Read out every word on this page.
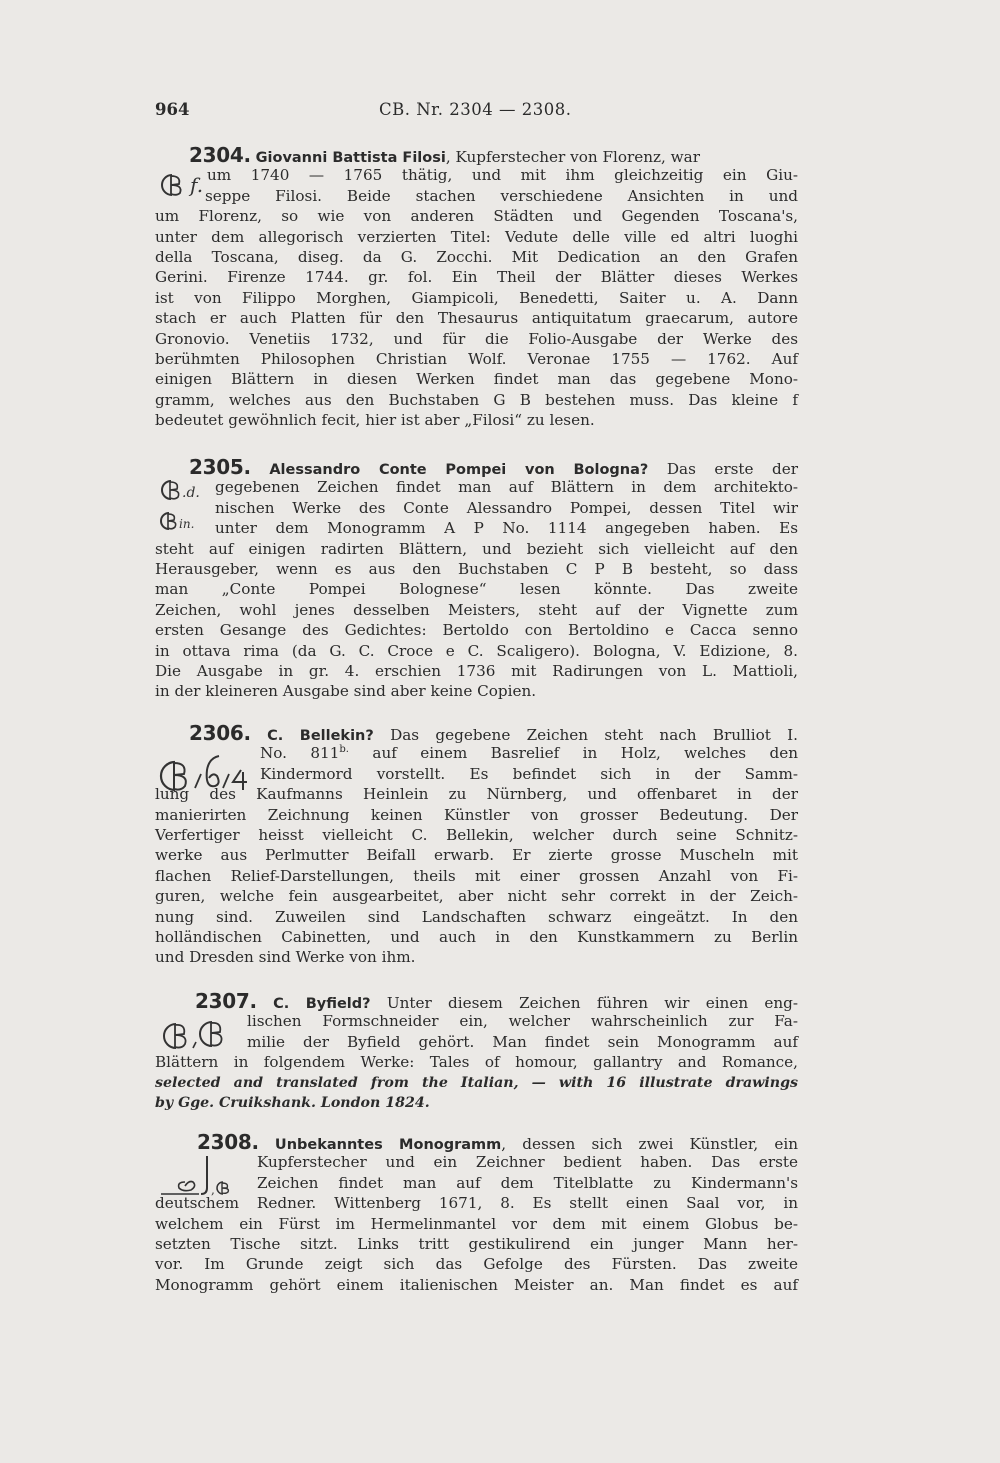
964	CB. Nr. 2304 — 2308.
f.
2304. Giovanni Battista Filosi, Kupferstecher von Florenz, war
um 1740 — 1765 thätig, und mit ihm gleichzeitig ein Giu-
seppe Filosi. Beide stachen verschiedene Ansichten in und
um Florenz, so wie von anderen Städten und Gegenden Toscana's,
unter dem allegorisch verzierten Titel: Vedute delle ville ed altri luoghi
della Toscana, diseg. da G. Zocchi. Mit Dedication an den Grafen
Gerini. Firenze 1744. gr. fol. Ein Theil der Blätter dieses Werkes
ist von Filippo Morghen, Giampicoli, Benedetti, Saiter u. A. Dann
stach er auch Platten für den Thesaurus antiquitatum graecarum, autore
Gronovio. Venetiis 1732, und für die Folio-Ausgabe der Werke des
berühmten Philosophen Christian Wolf. Veronae 1755 — 1762. Auf
einigen Blättern in diesen Werken findet man das gegebene Mono-
gramm, welches aus den Buchstaben G B bestehen muss. Das kleine f
bedeutet gewöhnlich fecit, hier ist aber „Filosi“ zu lesen.
.d.
in.
2305. Alessandro Conte Pompei von Bologna? Das erste der
gegebenen Zeichen findet man auf Blättern in dem architekto-
nischen Werke des Conte Alessandro Pompei, dessen Titel wir
unter dem Monogramm A P No. 1114 angegeben haben. Es
steht auf einigen radirten Blättern, und bezieht sich vielleicht auf den
Herausgeber, wenn es aus den Buchstaben C P B besteht, so dass
man „Conte Pompei Bolognese“ lesen könnte. Das zweite
Zeichen, wohl jenes desselben Meisters, steht auf der Vignette zum
ersten Gesange des Gedichtes: Bertoldo con Bertoldino e Cacca senno
in ottava rima (da G. C. Croce e C. Scaligero). Bologna, V. Edizione, 8.
Die Ausgabe in gr. 4. erschien 1736 mit Radirungen von L. Mattioli,
in der kleineren Ausgabe sind aber keine Copien.
2306. C. Bellekin? Das gegebene Zeichen steht nach Brulliot I.
No. $811^{b.}$ auf einem Basrelief in Holz, welches den
Kindermord vorstellt. Es befindet sich in der Samm-
lung des Kaufmanns Heinlein zu Nürnberg, und offenbaret in der
manierirten Zeichnung keinen Künstler von grosser Bedeutung. Der
Verfertiger heisst vielleicht C. Bellekin, welcher durch seine Schnitz-
werke aus Perlmutter Beifall erwarb. Er zierte grosse Muscheln mit
flachen Relief-Darstellungen, theils mit einer grossen Anzahl von Fi-
guren, welche fein ausgearbeitet, aber nicht sehr correkt in der Zeich-
nung sind. Zuweilen sind Landschaften schwarz eingeätzt. In den
holländischen Cabinetten, und auch in den Kunstkammern zu Berlin
und Dresden sind Werke von ihm.
2307. C. Byfield? Unter diesem Zeichen führen wir einen eng-
lischen Formschneider ein, welcher wahrscheinlich zur Fa-
milie der Byfield gehört. Man findet sein Monogramm auf
Blättern in folgendem Werke: Tales of homour, gallantry and Romance,
selected and translated from the Italian, — with 16 illustrate drawings
by Gge. Cruikshank. London 1824.
,
2308. Unbekanntes Monogramm, dessen sich zwei Künstler, ein
Kupferstecher und ein Zeichner bedient haben. Das erste
Zeichen findet man auf dem Titelblatte zu Kindermann's
deutschem Redner. Wittenberg 1671, 8. Es stellt einen Saal vor, in
welchem ein Fürst im Hermelinmantel vor dem mit einem Globus be-
setzten Tische sitzt. Links tritt gestikulirend ein junger Mann her-
vor. Im Grunde zeigt sich das Gefolge des Fürsten. Das zweite
Monogramm gehört einem italienischen Meister an. Man findet es auf
